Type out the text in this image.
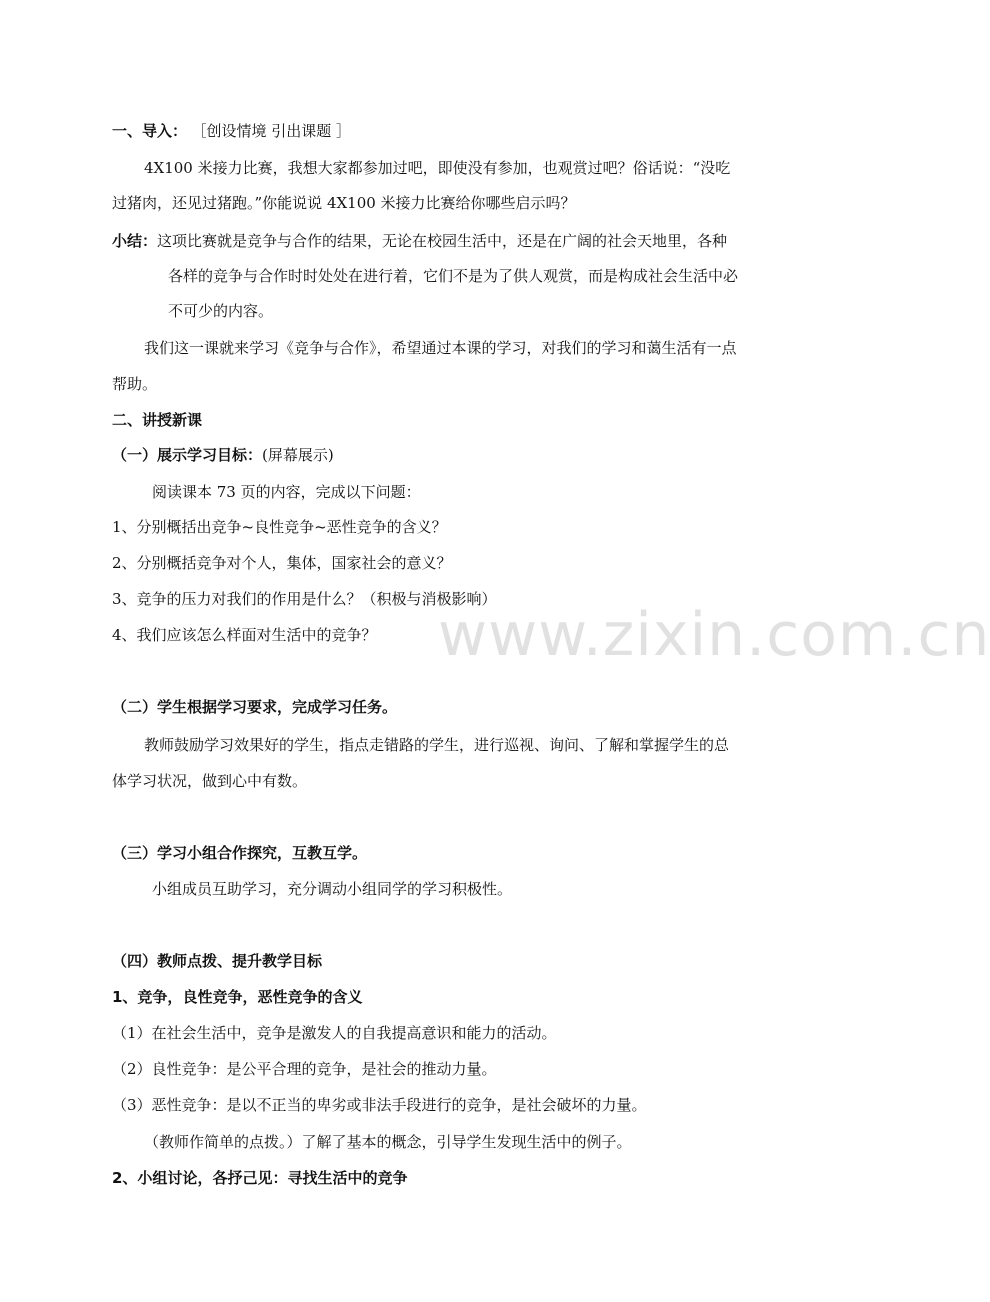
www.zixin.com.cn

一、导入： ［创设情境 引出课题 ］

4X100 米接力比赛，我想大家都参加过吧，即使没有参加，也观赏过吧？俗话说：“没吃

过猪肉，还见过猪跑。”你能说说 4X100 米接力比赛给你哪些启示吗？

小结：这项比赛就是竞争与合作的结果，无论在校园生活中，还是在广阔的社会天地里，各种

各样的竞争与合作时时处处在进行着，它们不是为了供人观赏，而是构成社会生活中必

不可少的内容。

我们这一课就来学习《竞争与合作》，希望通过本课的学习，对我们的学习和蔼生活有一点

帮助。

二、讲授新课

（一）展示学习目标：(屏幕展示)

阅读课本 73 页的内容，完成以下问题：

1、分别概括出竞争~良性竞争~恶性竞争的含义？

2、分别概括竞争对个人，集体，国家社会的意义？

3、竞争的压力对我们的作用是什么？（积极与消极影响）

4、我们应该怎么样面对生活中的竞争？

（二）学生根据学习要求，完成学习任务。

教师鼓励学习效果好的学生，指点走错路的学生，进行巡视、询问、了解和掌握学生的总

体学习状况，做到心中有数。

（三）学习小组合作探究，互教互学。

小组成员互助学习，充分调动小组同学的学习积极性。

（四）教师点拨、提升教学目标

1、竞争，良性竞争，恶性竞争的含义

（1）在社会生活中，竞争是激发人的自我提高意识和能力的活动。

（2）良性竞争：是公平合理的竞争，是社会的推动力量。

（3）恶性竞争：是以不正当的卑劣或非法手段进行的竞争，是社会破坏的力量。

（教师作简单的点拨。）了解了基本的概念，引导学生发现生活中的例子。

2、小组讨论，各抒己见：寻找生活中的竞争
